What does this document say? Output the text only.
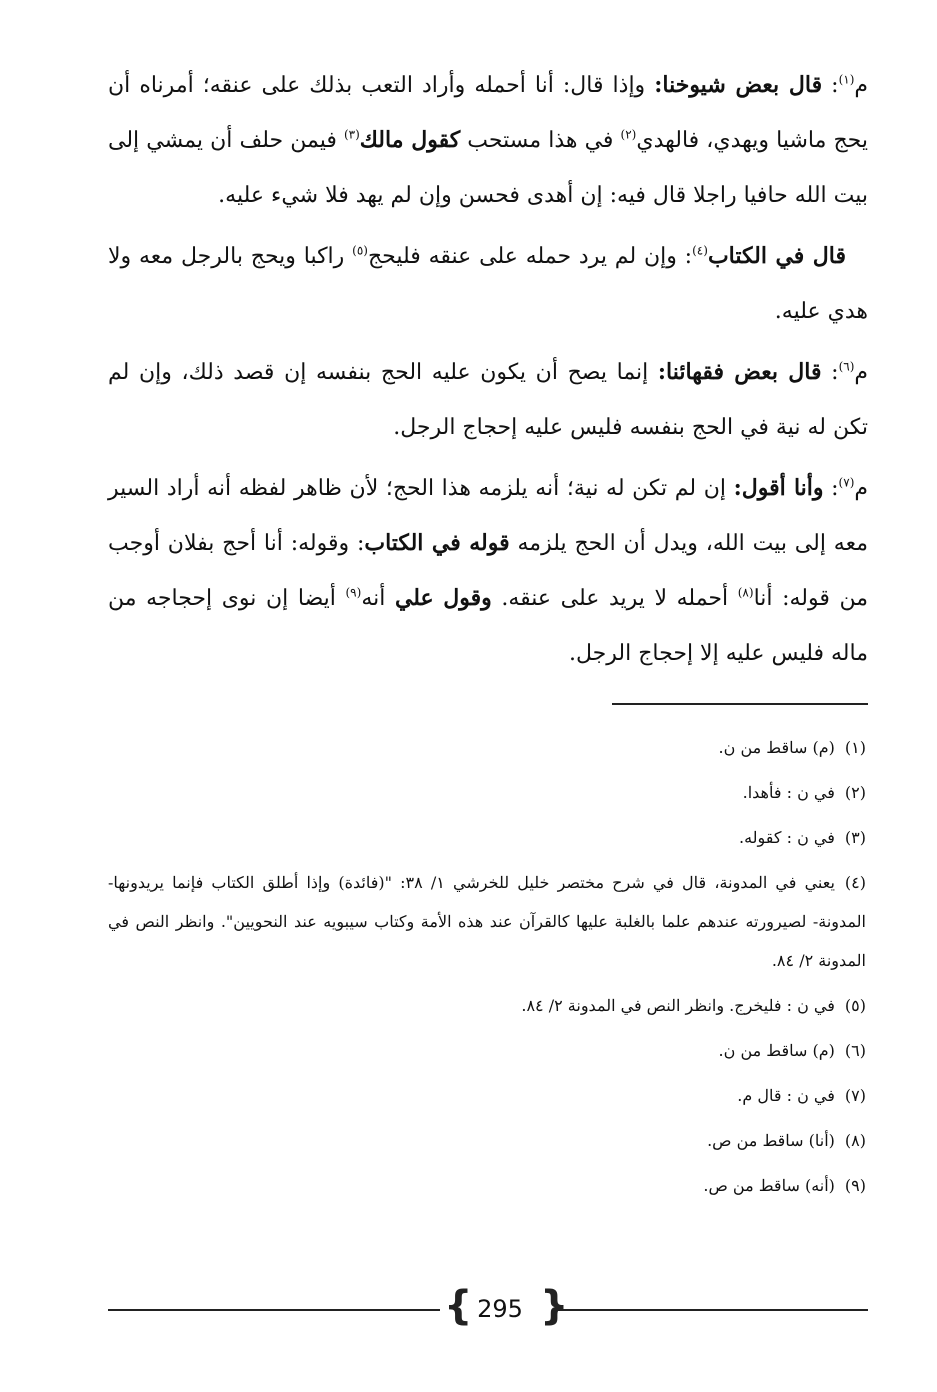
م$^{(١)}$: قال بعض شيوخنا: وإذا قال: أنا أحمله وأراد التعب بذلك على عنقه؛ أمرناه أن يحج ماشيا ويهدي، فالهدي$^{(٢)}$ في هذا مستحب كقول مالك$^{(٣)}$ فيمن حلف أن يمشي إلى بيت الله حافيا راجلا قال فيه: إن أهدى فحسن وإن لم يهد فلا شيء عليه.

قال في الكتاب$^{(٤)}$: وإن لم يرد حمله على عنقه فليحج$^{(٥)}$ راكبا ويحج بالرجل معه ولا هدي عليه.

م$^{(٦)}$: قال بعض فقهائنا: إنما يصح أن يكون عليه الحج بنفسه إن قصد ذلك، وإن لم تكن له نية في الحج بنفسه فليس عليه إحجاج الرجل.

م$^{(٧)}$: وأنا أقول: إن لم تكن له نية؛ أنه يلزمه هذا الحج؛ لأن ظاهر لفظه أنه أراد السير معه إلى بيت الله، ويدل أن الحج يلزمه قوله في الكتاب: وقوله: أنا أحج بفلان أوجب من قوله: أنا$^{(٨)}$ أحمله لا يريد على عنقه. وقول علي أنه$^{(٩)}$ أيضا إن نوى إحجاجه من ماله فليس عليه إلا إحجاج الرجل.

(١)(م) ساقط من ن.

(٢)في ن : فأهدا.

(٣)في ن : كقوله.

(٤)يعني في المدونة، قال في شرح مختصر خليل للخرشي ١/ ٣٨: "(فائدة) وإذا أطلق الكتاب فإنما يريدونها- المدونة- لصيرورته عندهم علما بالغلبة عليها كالقرآن عند هذه الأمة وكتاب سيبويه عند النحويين". وانظر النص في المدونة ٢/ ٨٤.

(٥)في ن : فليخرج. وانظر النص في المدونة ٢/ ٨٤.

(٦)(م) ساقط من ن.

(٧)في ن : قال م.

(٨)(أنا) ساقط من ص.

(٩)(أنه) ساقط من ص.

{ 295 }
